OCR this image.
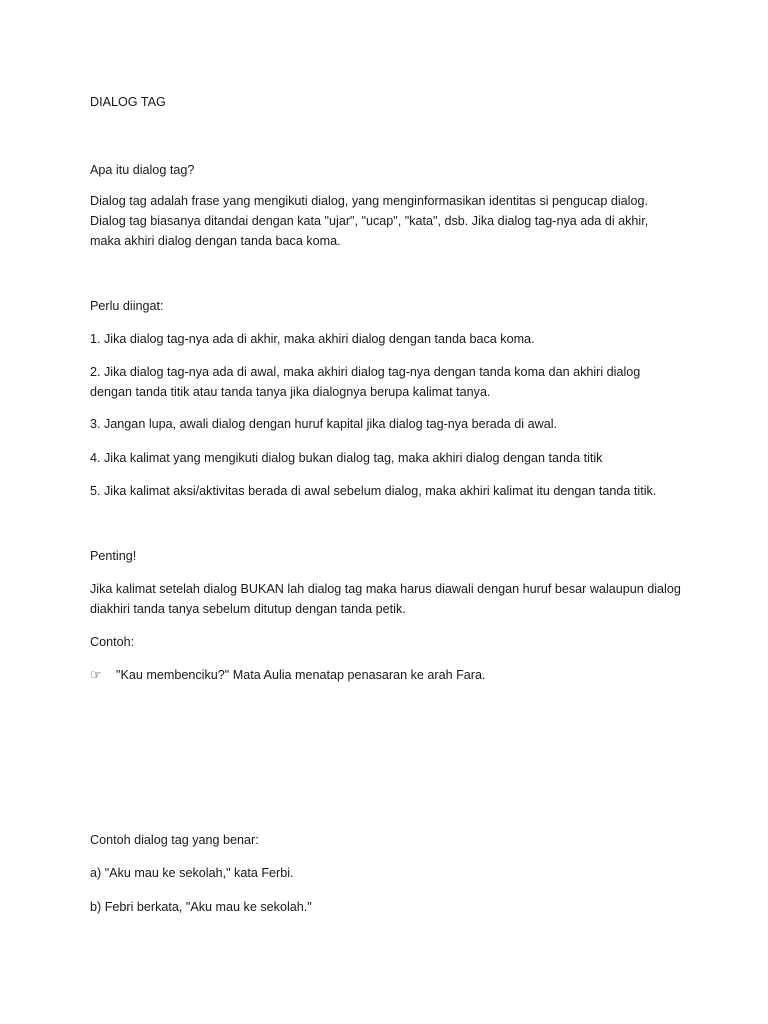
DIALOG TAG

Apa itu dialog tag?

Dialog tag adalah frase yang mengikuti dialog, yang menginformasikan identitas si pengucap dialog.
Dialog tag biasanya ditandai dengan kata "ujar", "ucap", "kata", dsb. Jika dialog tag-nya ada di akhir,
maka akhiri dialog dengan tanda baca koma.

Perlu diingat:

1. Jika dialog tag-nya ada di akhir, maka akhiri dialog dengan tanda baca koma.

2. Jika dialog tag-nya ada di awal, maka akhiri dialog tag-nya dengan tanda koma dan akhiri dialog
dengan tanda titik atau tanda tanya jika dialognya berupa kalimat tanya.

3. Jangan lupa, awali dialog dengan huruf kapital jika dialog tag-nya berada di awal.

4. Jika kalimat yang mengikuti dialog bukan dialog tag, maka akhiri dialog dengan tanda titik

5. Jika kalimat aksi/aktivitas berada di awal sebelum dialog, maka akhiri kalimat itu dengan tanda titik.

Penting!

Jika kalimat setelah dialog BUKAN lah dialog tag maka harus diawali dengan huruf besar walaupun dialog
diakhiri tanda tanya sebelum ditutup dengan tanda petik.

Contoh:

☞ "Kau membenciku?" Mata Aulia menatap penasaran ke arah Fara.

Contoh dialog tag yang benar:

a) "Aku mau ke sekolah," kata Ferbi.

b) Febri berkata, "Aku mau ke sekolah."
